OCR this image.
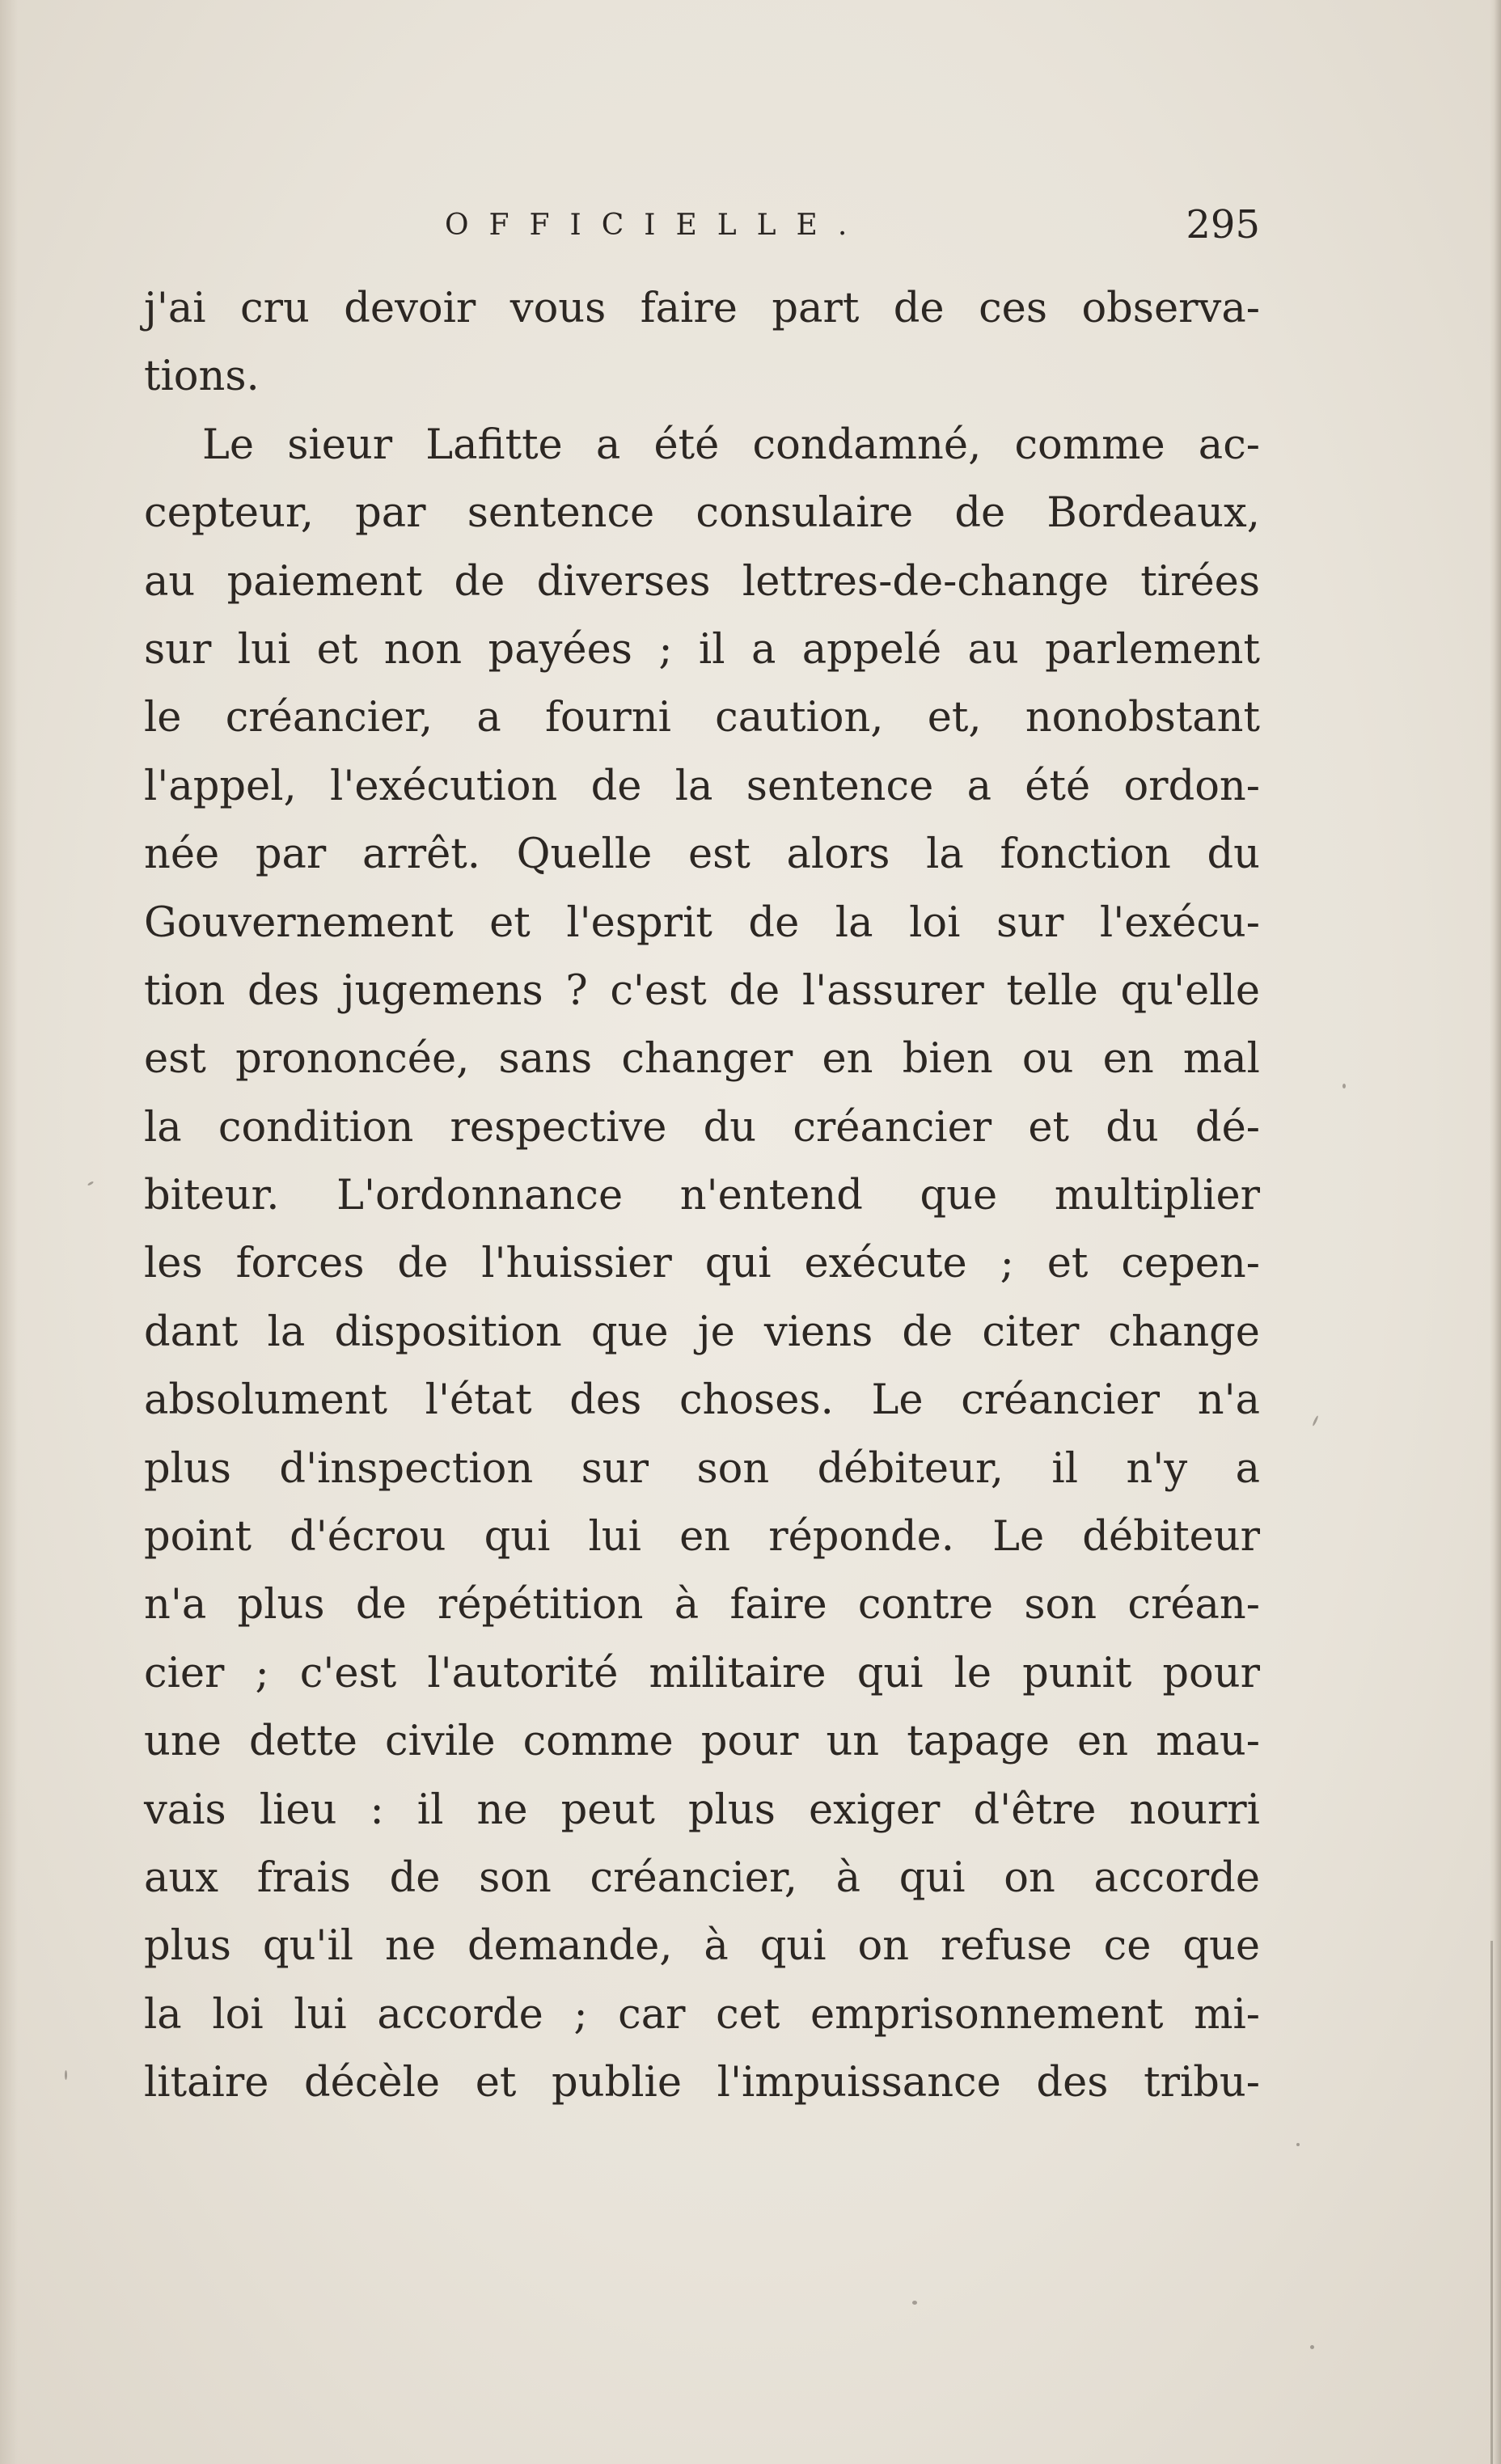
OFFICIELLE.	295
j'ai cru devoir vous faire part de ces observa-
tions.
Le sieur Lafitte a été condamné, comme ac-
cepteur, par sentence consulaire de Bordeaux,
au paiement de diverses lettres-de-change tirées
sur lui et non payées ; il a appelé au parlement
le créancier, a fourni caution, et, nonobstant
l'appel, l'exécution de la sentence a été ordon-
née par arrêt. Quelle est alors la fonction du
Gouvernement et l'esprit de la loi sur l'exécu-
tion des jugemens ? c'est de l'assurer telle qu'elle
est prononcée, sans changer en bien ou en mal
la condition respective du créancier et du dé-
biteur. L'ordonnance n'entend que multiplier
les forces de l'huissier qui exécute ; et cepen-
dant la disposition que je viens de citer change
absolument l'état des choses. Le créancier n'a
plus d'inspection sur son débiteur, il n'y a
point d'écrou qui lui en réponde. Le débiteur
n'a plus de répétition à faire contre son créan-
cier ; c'est l'autorité militaire qui le punit pour
une dette civile comme pour un tapage en mau-
vais lieu : il ne peut plus exiger d'être nourri
aux frais de son créancier, à qui on accorde
plus qu'il ne demande, à qui on refuse ce que
la loi lui accorde ; car cet emprisonnement mi-
litaire décèle et publie l'impuissance des tribu-
